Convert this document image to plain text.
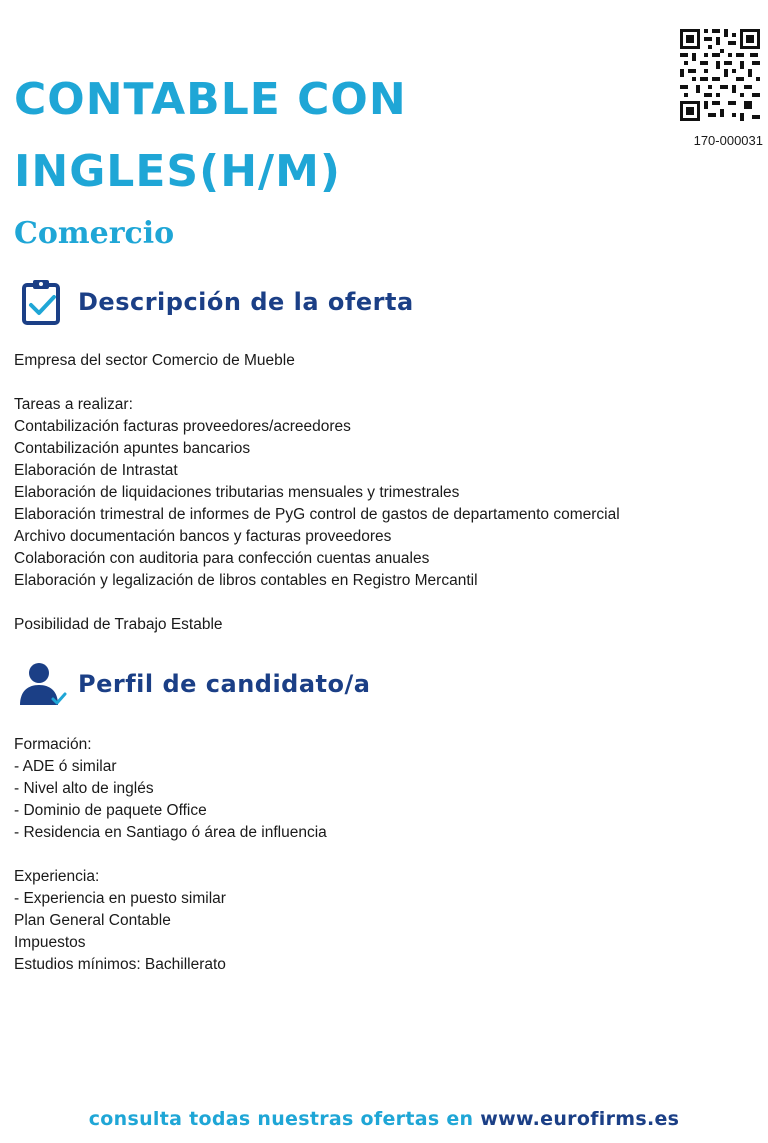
CONTABLE CON INGLES(H/M)
Comercio
170-000031
Descripción de la oferta

Empresa del sector Comercio de Mueble

Tareas a realizar:
Contabilización facturas proveedores/acreedores
Contabilización apuntes bancarios
Elaboración de Intrastat
Elaboración de liquidaciones tributarias mensuales y trimestrales
Elaboración trimestral de informes de PyG control de gastos de departamento comercial
Archivo documentación bancos y facturas proveedores
Colaboración con auditoria para confección cuentas anuales
Elaboración y legalización de libros contables en Registro Mercantil

Posibilidad de Trabajo Estable

Perfil de candidato/a

Formación:
- ADE ó similar
- Nivel alto de inglés
- Dominio de paquete Office
- Residencia en Santiago ó área de influencia

Experiencia:
- Experiencia en puesto similar
Plan General Contable
Impuestos
Estudios mínimos: Bachillerato

consulta todas nuestras ofertas en www.eurofirms.es
